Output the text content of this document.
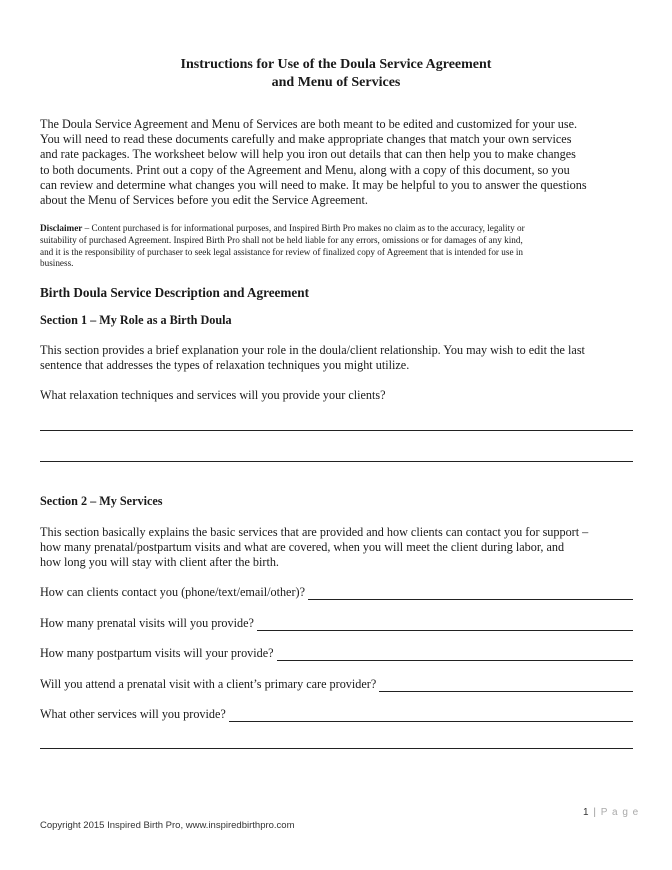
Instructions for Use of the Doula Service Agreement
and Menu of Services
The Doula Service Agreement and Menu of Services are both meant to be edited and customized for your use.
You will need to read these documents carefully and make appropriate changes that match your own services
and rate packages. The worksheet below will help you iron out details that can then help you to make changes
to both documents. Print out a copy of the Agreement and Menu, along with a copy of this document, so you
can review and determine what changes you will need to make. It may be helpful to you to answer the questions
about the Menu of Services before you edit the Service Agreement.
Disclaimer – Content purchased is for informational purposes, and Inspired Birth Pro makes no claim as to the accuracy, legality or
suitability of purchased Agreement. Inspired Birth Pro shall not be held liable for any errors, omissions or for damages of any kind,
and it is the responsibility of purchaser to seek legal assistance for review of finalized copy of Agreement that is intended for use in
business.
Birth Doula Service Description and Agreement
Section 1 – My Role as a Birth Doula
This section provides a brief explanation your role in the doula/client relationship. You may wish to edit the last
sentence that addresses the types of relaxation techniques you might utilize.
What relaxation techniques and services will you provide your clients?
Section 2 – My Services
This section basically explains the basic services that are provided and how clients can contact you for support –
how many prenatal/postpartum visits and what are covered, when you will meet the client during labor, and
how long you will stay with client after the birth.
How can clients contact you (phone/text/email/other)?
How many prenatal visits will you provide?
How many postpartum visits will your provide?
Will you attend a prenatal visit with a client’s primary care provider?
What other services will you provide?
1 | P a g e
Copyright 2015 Inspired Birth Pro, www.inspiredbirthpro.com
